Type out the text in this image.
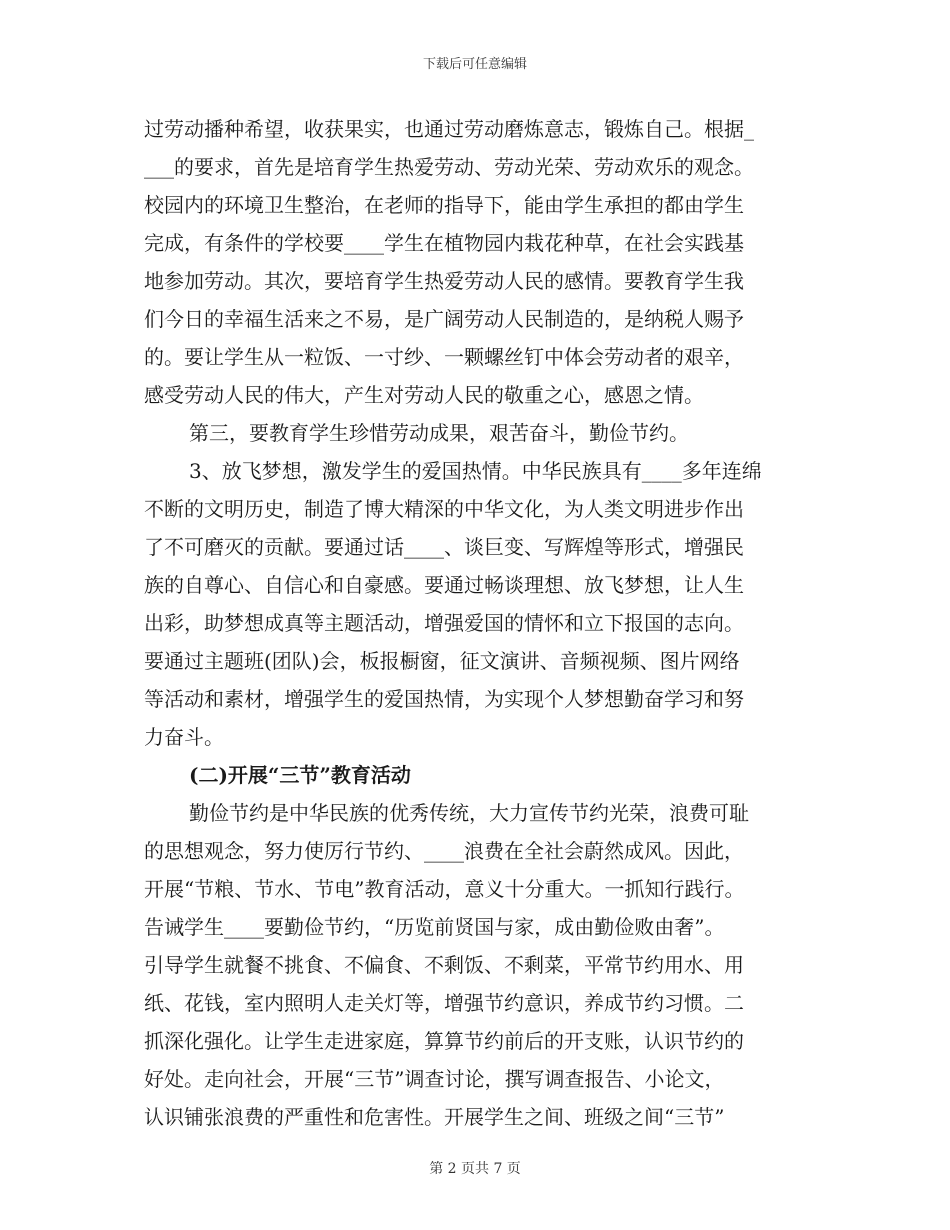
下载后可任意编辑
过劳动播种希望，收获果实，也通过劳动磨炼意志，锻炼自己。根据_
___的要求，首先是培育学生热爱劳动、劳动光荣、劳动欢乐的观念。
校园内的环境卫生整治，在老师的指导下，能由学生承担的都由学生
完成，有条件的学校要____学生在植物园内栽花种草，在社会实践基
地参加劳动。其次，要培育学生热爱劳动人民的感情。要教育学生我
们今日的幸福生活来之不易，是广阔劳动人民制造的，是纳税人赐予
的。要让学生从一粒饭、一寸纱、一颗螺丝钉中体会劳动者的艰辛，
感受劳动人民的伟大，产生对劳动人民的敬重之心，感恩之情。
第三，要教育学生珍惜劳动成果，艰苦奋斗，勤俭节约。
3、放飞梦想，激发学生的爱国热情。中华民族具有____多年连绵
不断的文明历史，制造了博大精深的中华文化，为人类文明进步作出
了不可磨灭的贡献。要通过话____、谈巨变、写辉煌等形式，增强民
族的自尊心、自信心和自豪感。要通过畅谈理想、放飞梦想，让人生
出彩，助梦想成真等主题活动，增强爱国的情怀和立下报国的志向。
要通过主题班(团队)会，板报橱窗，征文演讲、音频视频、图片网络
等活动和素材，增强学生的爱国热情，为实现个人梦想勤奋学习和努
力奋斗。
(二)开展“三节”教育活动
勤俭节约是中华民族的优秀传统，大力宣传节约光荣，浪费可耻
的思想观念，努力使厉行节约、____浪费在全社会蔚然成风。因此，
开展“节粮、节水、节电”教育活动，意义十分重大。一抓知行践行。
告诫学生____要勤俭节约，“历览前贤国与家，成由勤俭败由奢”。
引导学生就餐不挑食、不偏食、不剩饭、不剩菜，平常节约用水、用
纸、花钱，室内照明人走关灯等，增强节约意识，养成节约习惯。二
抓深化强化。让学生走进家庭，算算节约前后的开支账，认识节约的
好处。走向社会，开展“三节”调查讨论，撰写调查报告、小论文，
认识铺张浪费的严重性和危害性。开展学生之间、班级之间“三节”
第 2 页共 7 页
